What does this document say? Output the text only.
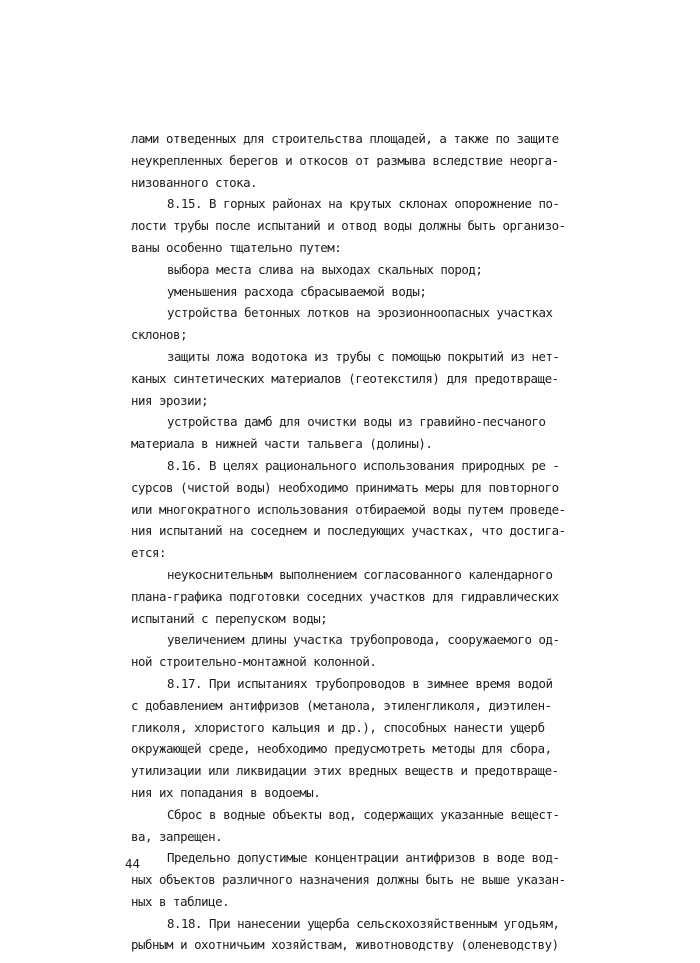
лами отведенных для строительства площадей, а также по защите
неукрепленных берегов и откосов от размыва вследствие неорга-
низованного стока.
8.15. В горных районах на крутых склонах опорожнение по-
лости трубы после испытаний и отвод воды должны быть организо-
ваны особенно тщательно путем:
выбора места слива на выходах скальных пород;
уменьшения расхода сбрасываемой воды;
устройства бетонных лотков на эрозионноопасных участках
склонов;
защиты ложа водотока из трубы с помощью покрытий из нет-
каных синтетических материалов (геотекстиля) для предотвраще-
ния эрозии;
устройства дамб для очистки воды из гравийно-песчаного
материала в нижней части тальвега (долины).
8.16. В целях рационального использования природных ре -
сурсов (чистой воды) необходимо принимать меры для повторного
или многократного использования отбираемой воды путем проведе-
ния испытаний на соседнем и последующих участках, что достига-
ется:
неукоснительным выполнением согласованного календарного
плана-графика подготовки соседних участков для гидравлических
испытаний с перепуском воды;
увеличением длины участка трубопровода, сооружаемого од-
ной строительно-монтажной колонной.
8.17. При испытаниях трубопроводов в зимнее время водой
с добавлением антифризов (метанола, этиленгликоля, диэтилен-
гликоля, хлористого кальция и др.), способных нанести ущерб
окружающей среде, необходимо предусмотреть методы для сбора,
утилизации или ликвидации этих вредных веществ и предотвраще-
ния их попадания в водоемы.
Сброс в водные объекты вод, содержащих указанные вещест-
ва, запрещен.
Предельно допустимые концентрации антифризов в воде вод-
ных объектов различного назначения должны быть не выше указан-
ных в таблице.
8.18. При нанесении ущерба сельскохозяйственным угодьям,
рыбным и охотничьим хозяйствам, животноводству (оленеводству)
44
